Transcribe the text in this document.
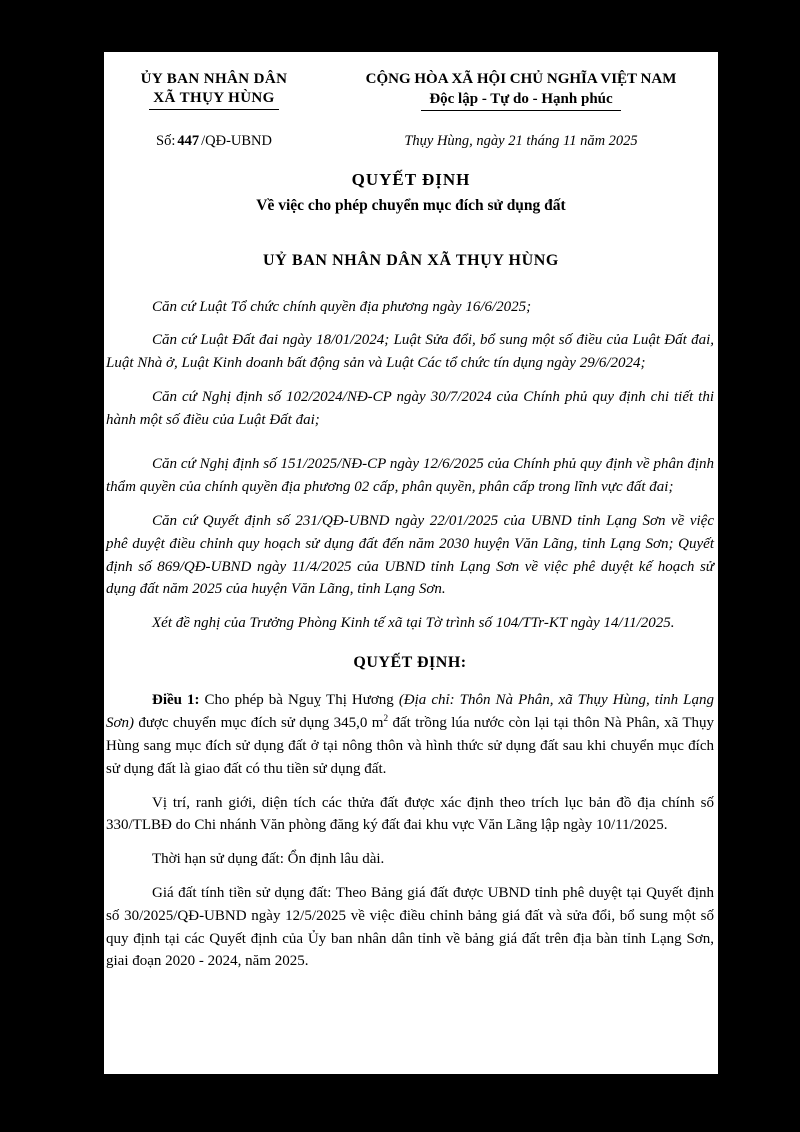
ỦY BAN NHÂN DÂN
XÃ THỤY HÙNG
CỘNG HÒA XÃ HỘI CHỦ NGHĨA VIỆT NAM
Độc lập - Tự do - Hạnh phúc
Số: 447 /QĐ-UBND	Thụy Hùng, ngày 21 tháng 11 năm 2025
QUYẾT ĐỊNH
Về việc cho phép chuyển mục đích sử dụng đất
UỶ BAN NHÂN DÂN XÃ THỤY HÙNG

Căn cứ Luật Tổ chức chính quyền địa phương ngày 16/6/2025;

Căn cứ Luật Đất đai ngày 18/01/2024; Luật Sửa đổi, bổ sung một số điều của Luật Đất đai, Luật Nhà ở, Luật Kinh doanh bất động sản và Luật Các tổ chức tín dụng ngày 29/6/2024;

Căn cứ Nghị định số 102/2024/NĐ-CP ngày 30/7/2024 của Chính phủ quy định chi tiết thi hành một số điều của Luật Đất đai;

Căn cứ Nghị định số 151/2025/NĐ-CP ngày 12/6/2025 của Chính phủ quy định về phân định thẩm quyền của chính quyền địa phương 02 cấp, phân quyền, phân cấp trong lĩnh vực đất đai;

Căn cứ Quyết định số 231/QĐ-UBND ngày 22/01/2025 của UBND tỉnh Lạng Sơn về việc phê duyệt điều chỉnh quy hoạch sử dụng đất đến năm 2030 huyện Văn Lãng, tỉnh Lạng Sơn; Quyết định số 869/QĐ-UBND ngày 11/4/2025 của UBND tỉnh Lạng Sơn về việc phê duyệt kế hoạch sử dụng đất năm 2025 của huyện Văn Lãng, tỉnh Lạng Sơn.

Xét đề nghị của Trưởng Phòng Kinh tế xã tại Tờ trình số 104/TTr-KT ngày 14/11/2025.

QUYẾT ĐỊNH:

Điều 1: Cho phép bà Nguỵ Thị Hương (Địa chỉ: Thôn Nà Phân, xã Thụy Hùng, tỉnh Lạng Sơn) được chuyển mục đích sử dụng 345,0 $m^2$ đất trồng lúa nước còn lại tại thôn Nà Phân, xã Thụy Hùng sang mục đích sử dụng đất ở tại nông thôn và hình thức sử dụng đất sau khi chuyển mục đích sử dụng đất là giao đất có thu tiền sử dụng đất.

Vị trí, ranh giới, diện tích các thửa đất được xác định theo trích lục bản đồ địa chính số 330/TLBĐ do Chi nhánh Văn phòng đăng ký đất đai khu vực Văn Lãng lập ngày 10/11/2025.

Thời hạn sử dụng đất: Ổn định lâu dài.

Giá đất tính tiền sử dụng đất: Theo Bảng giá đất được UBND tỉnh phê duyệt tại Quyết định số 30/2025/QĐ-UBND ngày 12/5/2025 về việc điều chỉnh bảng giá đất và sửa đổi, bổ sung một số quy định tại các Quyết định của Ủy ban nhân dân tỉnh về bảng giá đất trên địa bàn tỉnh Lạng Sơn, giai đoạn 2020 - 2024, năm 2025.
